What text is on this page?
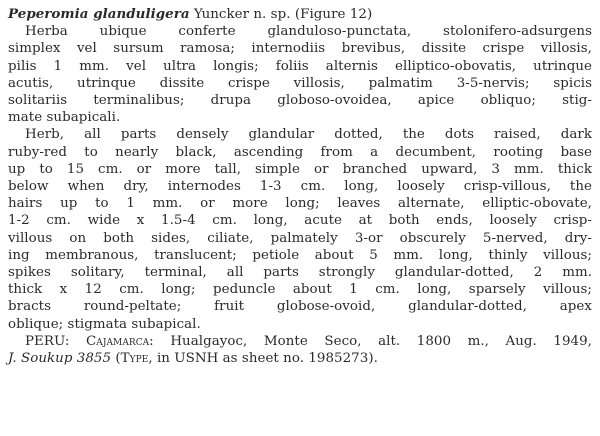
Peperomia glanduligera Yuncker n. sp. (Figure 12)
Herba ubique conferte glanduloso-punctata, stolonifero-adsurgens
simplex vel sursum ramosa; internodiis brevibus, dissite crispe villosis,
pilis 1 mm. vel ultra longis; foliis alternis elliptico-obovatis, utrinque
acutis, utrinque dissite crispe villosis, palmatim 3-5-nervis; spicis
solitariis terminalibus; drupa globoso-ovoidea, apice obliquo; stig-
mate subapicali.
Herb, all parts densely glandular dotted, the dots raised, dark
ruby-red to nearly black, ascending from a decumbent, rooting base
up to 15 cm. or more tall, simple or branched upward, 3 mm. thick
below when dry, internodes 1-3 cm. long, loosely crisp-villous, the
hairs up to 1 mm. or more long; leaves alternate, elliptic-obovate,
1-2 cm. wide x 1.5-4 cm. long, acute at both ends, loosely crisp-
villous on both sides, ciliate, palmately 3-or obscurely 5-nerved, dry-
ing membranous, translucent; petiole about 5 mm. long, thinly villous;
spikes solitary, terminal, all parts strongly glandular-dotted, 2 mm.
thick x 12 cm. long; peduncle about 1 cm. long, sparsely villous;
bracts round-peltate; fruit globose-ovoid, glandular-dotted, apex
oblique; stigmata subapical.
PERU: Cajamarca: Hualgayoc, Monte Seco, alt. 1800 m., Aug. 1949,
J. Soukup 3855 (Type, in USNH as sheet no. 1985273).
